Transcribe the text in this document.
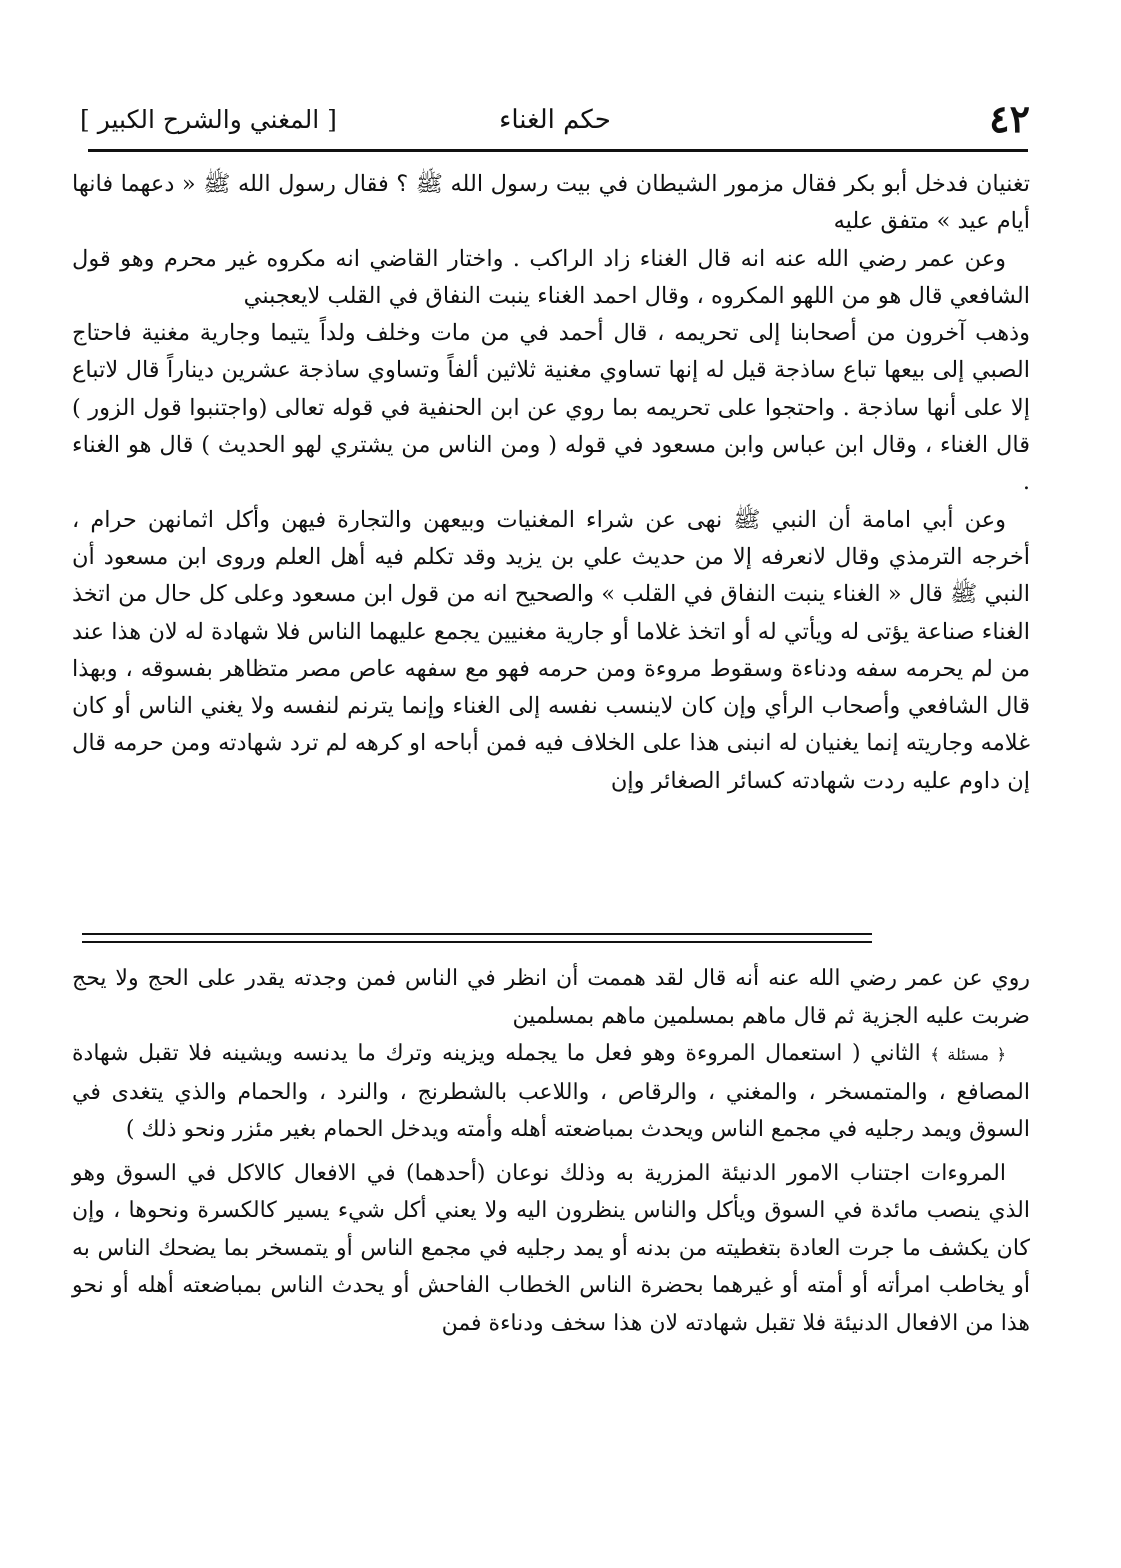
٤٢
حكم الغناء
[ المغني والشرح الكبير ]

تغنيان فدخل أبو بكر فقال مزمور الشيطان في بيت رسول الله ﷺ ؟ فقال رسول الله ﷺ « دعهما فانها أيام عيد » متفق عليه

وعن عمر رضي الله عنه انه قال الغناء زاد الراكب . واختار القاضي انه مكروه غير محرم وهو قول الشافعي قال هو من اللهو المكروه ، وقال احمد الغناء ينبت النفاق في القلب لايعجبني

وذهب آخرون من أصحابنا إلى تحريمه ، قال أحمد في من مات وخلف ولداً يتيما وجارية مغنية فاحتاج الصبي إلى بيعها تباع ساذجة قيل له إنها تساوي مغنية ثلاثين ألفاً وتساوي ساذجة عشرين ديناراً قال لاتباع إلا على أنها ساذجة . واحتجوا على تحريمه بما روي عن ابن الحنفية في قوله تعالى (واجتنبوا قول الزور ) قال الغناء ، وقال ابن عباس وابن مسعود في قوله ( ومن الناس من يشتري لهو الحديث ) قال هو الغناء .

وعن أبي امامة أن النبي ﷺ نهى عن شراء المغنيات وبيعهن والتجارة فيهن وأكل اثمانهن حرام ، أخرجه الترمذي وقال لانعرفه إلا من حديث علي بن يزيد وقد تكلم فيه أهل العلم وروى ابن مسعود أن النبي ﷺ قال « الغناء ينبت النفاق في القلب » والصحيح انه من قول ابن مسعود وعلى كل حال من اتخذ الغناء صناعة يؤتى له ويأتي له أو اتخذ غلاما أو جارية مغنيين يجمع عليهما الناس فلا شهادة له لان هذا عند من لم يحرمه سفه ودناءة وسقوط مروءة ومن حرمه فهو مع سفهه عاص مصر متظاهر بفسوقه ، وبهذا قال الشافعي وأصحاب الرأي وإن كان لاينسب نفسه إلى الغناء وإنما يترنم لنفسه ولا يغني الناس أو كان غلامه وجاريته إنما يغنيان له انبنى هذا على الخلاف فيه فمن أباحه او كرهه لم ترد شهادته ومن حرمه قال إن داوم عليه ردت شهادته كسائر الصغائر وإن

روي عن عمر رضي الله عنه أنه قال لقد هممت أن انظر في الناس فمن وجدته يقدر على الحج ولا يحج ضربت عليه الجزية ثم قال ماهم بمسلمين ماهم بمسلمين

﴿ مسئلة ﴾ الثاني ( استعمال المروءة وهو فعل ما يجمله ويزينه وترك ما يدنسه ويشينه فلا تقبل شهادة المصافع ، والمتمسخر ، والمغني ، والرقاص ، واللاعب بالشطرنج ، والنرد ، والحمام والذي يتغدى في السوق ويمد رجليه في مجمع الناس ويحدث بمباضعته أهله وأمته ويدخل الحمام بغير مئزر ونحو ذلك )

المروءات اجتناب الامور الدنيئة المزرية به وذلك نوعان (أحدهما) في الافعال كالاكل في السوق وهو الذي ينصب مائدة في السوق ويأكل والناس ينظرون اليه ولا يعني أكل شيء يسير كالكسرة ونحوها ، وإن كان يكشف ما جرت العادة بتغطيته من بدنه أو يمد رجليه في مجمع الناس أو يتمسخر بما يضحك الناس به أو يخاطب امرأته أو أمته أو غيرهما بحضرة الناس الخطاب الفاحش أو يحدث الناس بمباضعته أهله أو نحو هذا من الافعال الدنيئة فلا تقبل شهادته لان هذا سخف ودناءة فمن
